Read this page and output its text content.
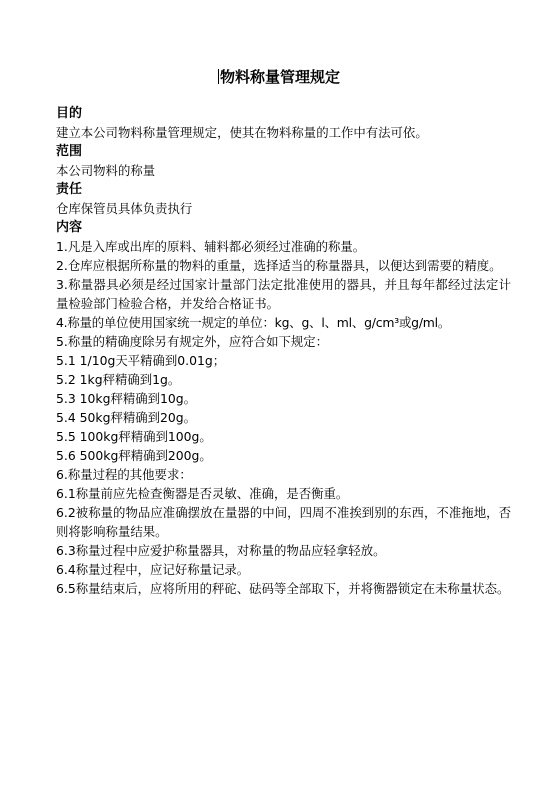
物料称量管理规定
目的
建立本公司物料称量管理规定，使其在物料称量的工作中有法可依。
范围
本公司物料的称量
责任
仓库保管员具体负责执行
内容
1.凡是入库或出库的原料、辅料都必须经过准确的称量。
2.仓库应根据所称量的物料的重量，选择适当的称量器具，以便达到需要的精度。
3.称量器具必须是经过国家计量部门法定批准使用的器具，并且每年都经过法定计量检验部门检验合格，并发给合格证书。
4.称量的单位使用国家统一规定的单位：kg、g、l、ml、g/cm³或g/ml。
5.称量的精确度除另有规定外，应符合如下规定：
5.1 1/10g天平精确到0.01g；
5.2 1kg秤精确到1g。
5.3 10kg秤精确到10g。
5.4 50kg秤精确到20g。
5.5 100kg秤精确到100g。
5.6 500kg秤精确到200g。
6.称量过程的其他要求：
6.1称量前应先检查衡器是否灵敏、准确，是否衡重。
6.2被称量的物品应准确摆放在量器的中间，四周不准挨到别的东西，不准拖地，否则将影响称量结果。
6.3称量过程中应爱护称量器具，对称量的物品应轻拿轻放。
6.4称量过程中，应记好称量记录。
6.5称量结束后，应将所用的秤砣、砝码等全部取下，并将衡器锁定在未称量状态。
